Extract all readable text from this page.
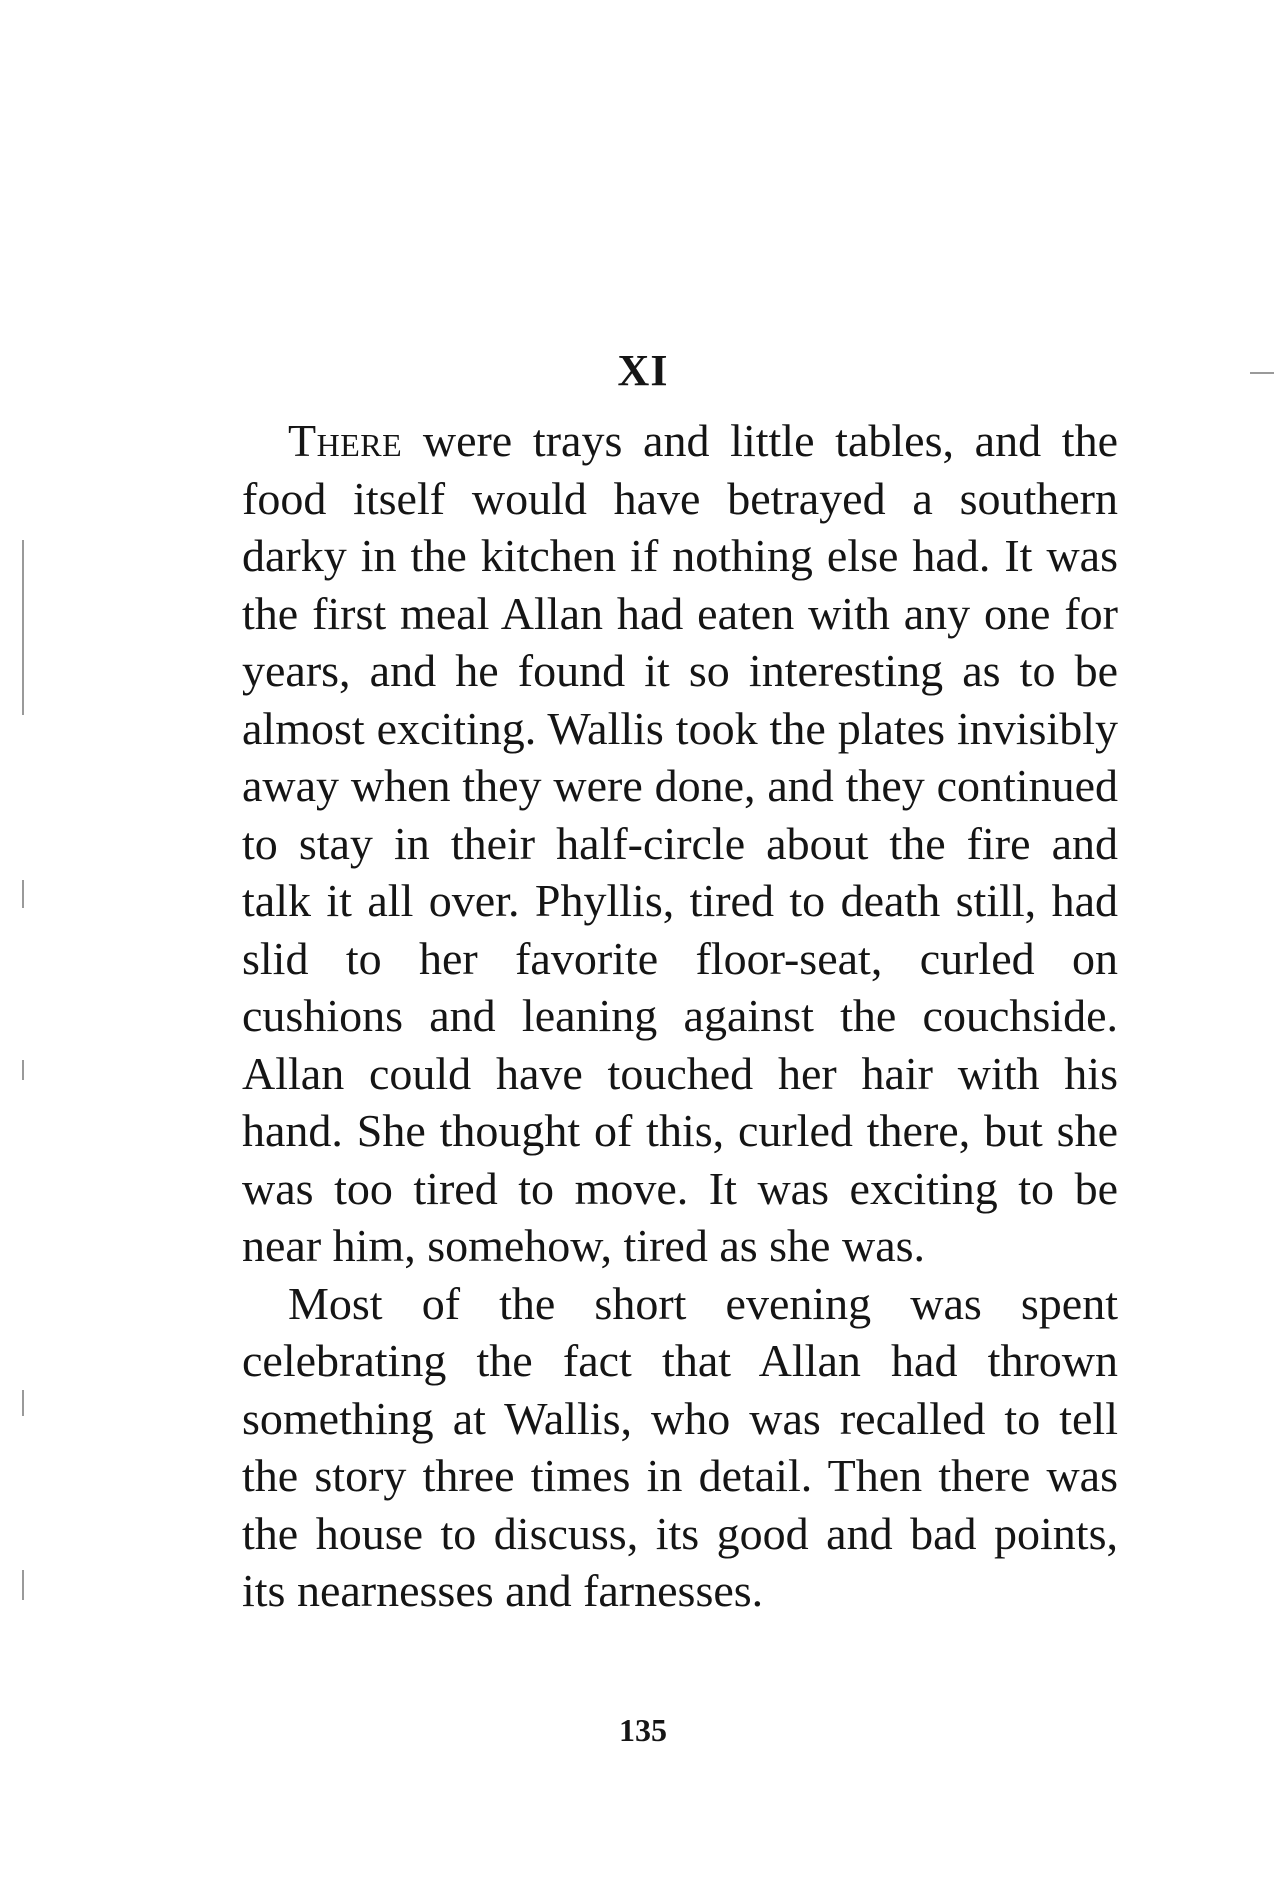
XI

There were trays and little tables, and the food itself would have betrayed a southern darky in the kitchen if nothing else had. It was the first meal Allan had eaten with any one for years, and he found it so interesting as to be almost exciting. Wallis took the plates invisibly away when they were done, and they continued to stay in their half-circle about the fire and talk it all over. Phyllis, tired to death still, had slid to her favorite floor-seat, curled on cushions and leaning against the couchside. Allan could have touched her hair with his hand. She thought of this, curled there, but she was too tired to move. It was exciting to be near him, somehow, tired as she was.

Most of the short evening was spent celebrating the fact that Allan had thrown something at Wallis, who was recalled to tell the story three times in detail. Then there was the house to discuss, its good and bad points, its nearnesses and farnesses.

135
